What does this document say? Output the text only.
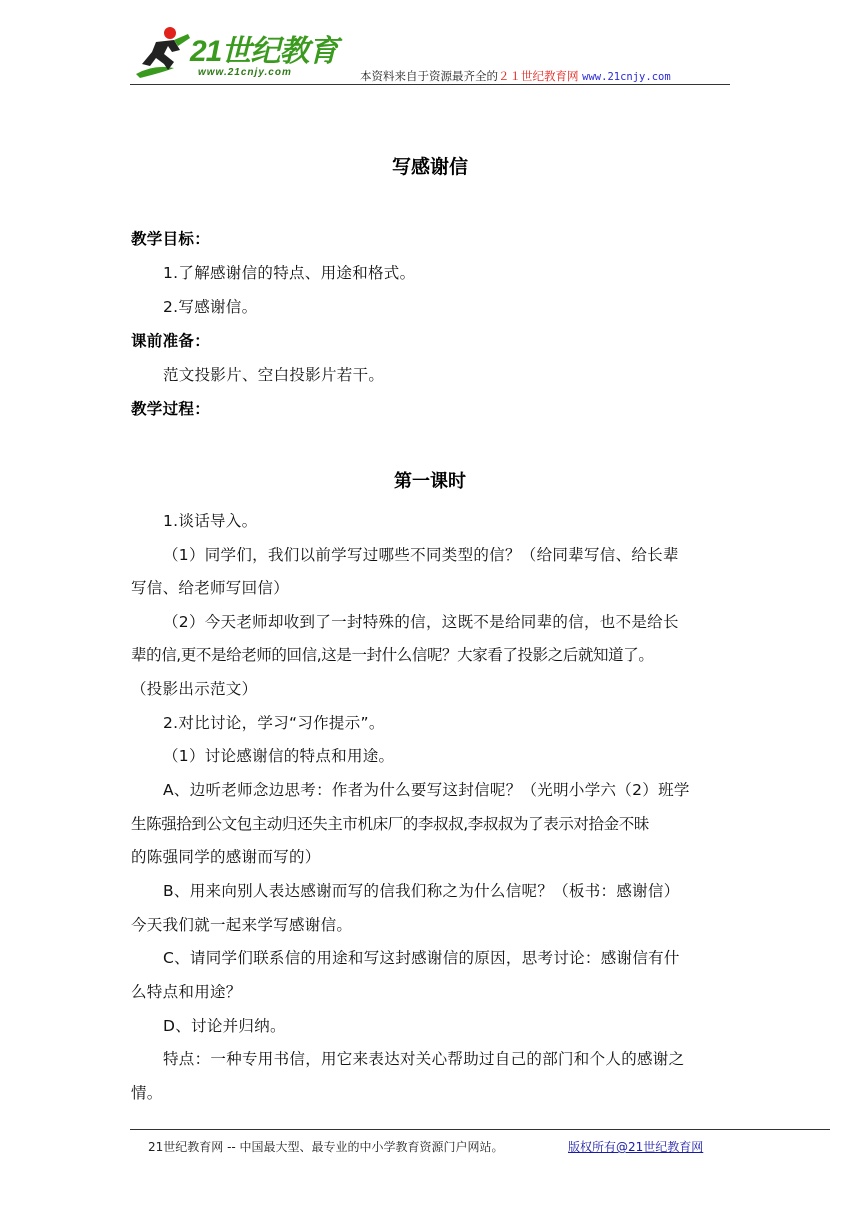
21世纪教育
www.21cnjy.com	本资料来自于资源最齐全的２１世纪教育网 www.21cnjy.com
写感谢信
教学目标：
1.了解感谢信的特点、用途和格式。
2.写感谢信。
课前准备：
范文投影片、空白投影片若干。
教学过程：
第一课时
1.谈话导入。
（1）同学们，我们以前学写过哪些不同类型的信？（给同辈写信、给长辈
写信、给老师写回信）
（2）今天老师却收到了一封特殊的信，这既不是给同辈的信，也不是给长
辈的信,更不是给老师的回信,这是一封什么信呢？大家看了投影之后就知道了。
（投影出示范文）
2.对比讨论，学习“习作提示”。
（1）讨论感谢信的特点和用途。
A、边听老师念边思考：作者为什么要写这封信呢？（光明小学六（2）班学
生陈强拾到公文包主动归还失主市机床厂的李叔叔,李叔叔为了表示对拾金不昧
的陈强同学的感谢而写的）
B、用来向别人表达感谢而写的信我们称之为什么信呢？（板书：感谢信）
今天我们就一起来学写感谢信。
C、请同学们联系信的用途和写这封感谢信的原因，思考讨论：感谢信有什
么特点和用途？
D、讨论并归纳。
特点：一种专用书信，用它来表达对关心帮助过自己的部门和个人的感谢之
情。
21世纪教育网 -- 中国最大型、最专业的中小学教育资源门户网站。	版权所有@21世纪教育网
